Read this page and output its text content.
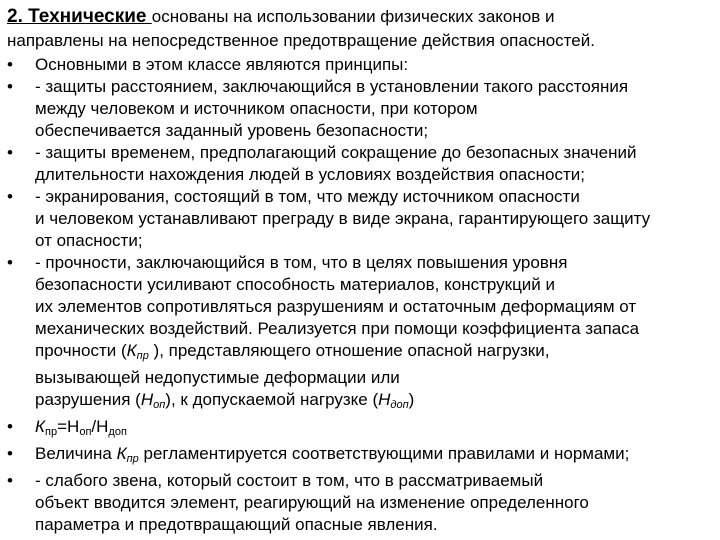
2. Технические основаны на использовании физических законов и
направлены на непосредственное предотвращение действия опасностей.
•	Основными в этом классе являются принципы:
•	- защиты расстоянием, заключающийся в установлении такого расстояния
между человеком и источником опасности, при котором
обеспечивается заданный уровень безопасности;
•	- защиты временем, предполагающий сокращение до безопасных значений
длительности нахождения людей в условиях воздействия опасности;
•	- экранирования, состоящий в том, что между источником опасности
и человеком устанавливают преграду в виде экрана, гарантирующего защиту
от опасности;
•	- прочности, заключающийся в том, что в целях повышения уровня
безопасности усиливают способность материалов, конструкций и
их элементов сопротивляться разрушениям и остаточным деформациям от
механических воздействий. Реализуется при помощи коэффициента запаса
прочности ($К_{пр}$ ), представляющего отношение опасной нагрузки,
вызывающей недопустимые деформации или
разрушения $(Н_{оп})$, к допускаемой нагрузке $(Н_{доп})$
•	$К_{пр}=Н_{оп}/Н_{доп}$
•	Величина $К_{пр}$ регламентируется соответствующими правилами и нормами;
•	- слабого звена, который состоит в том, что в рассматриваемый
объект вводится элемент, реагирующий на изменение определенного
параметра и предотвращающий опасные явления.
